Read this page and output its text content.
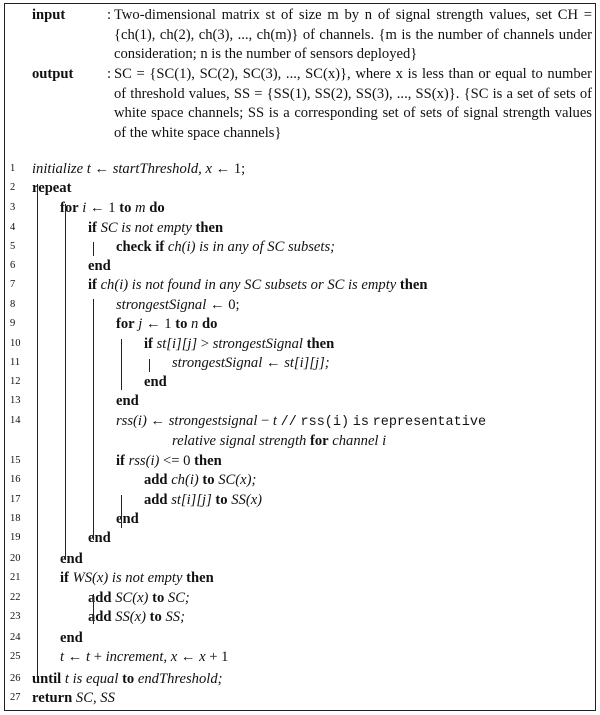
input	: Two-dimensional matrix st of size m by n of signal strength values, set CH = {ch(1), ch(2), ch(3), ..., ch(m)} of channels. {m is the number of channels under consideration; n is the number of sensors deployed}
output : SC = {SC(1), SC(2), SC(3), ..., SC(x)}, where x is less than or equal to number of threshold values, SS = {SS(1), SS(2), SS(3), ..., SS(x)}. {SC is a set of sets of white space channels; SS is a corresponding set of sets of signal strength values of the white space channels}
1	initialize t ← startThreshold, x ← 1;
2	repeat
3	for i ← 1 to m do
4	if SC is not empty then
5	check if ch(i) is in any of SC subsets;
6	end
7	if ch(i) is not found in any SC subsets or SC is empty then
8	strongestSignal ← 0;
9	for j ← 1 to n do
10	if st[i][j] > strongestSignal then
11	strongestSignal ← st[i][j];
12	end
13	end
14	rss(i) ← strongestsignal − t // rss(i) is representative
relative signal strength for channel i
15	if rss(i) <= 0 then
16	add ch(i) to SC(x);
17	add st[i][j] to SS(x)
18	end
19	end
20	end
21	if WS(x) is not empty then
22	add SC(x) to SC;
23	add SS(x) to SS;
24	end
25	t ← t + increment, x ← x + 1
26 until t is equal to endThreshold;
27 return SC, SS
